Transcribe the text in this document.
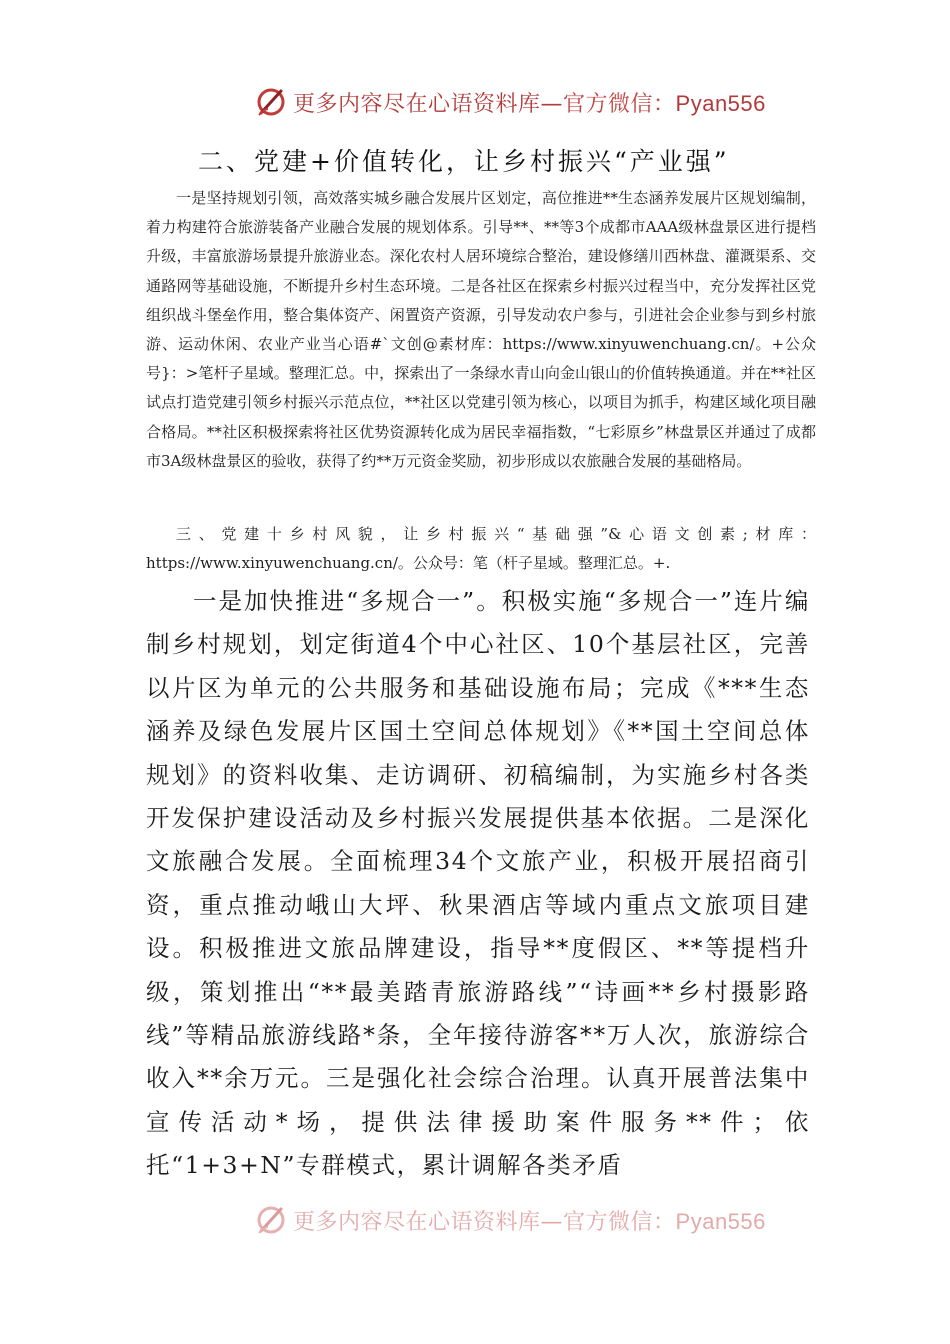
更多内容尽在心语资料库—官方微信：Pyan556
二、党建+价值转化，让乡村振兴“产业强”

一是坚持规划引领，高效落实城乡融合发展片区划定，高位推进**生态涵养发展片区规划编制，着力构建符合旅游装备产业融合发展的规划体系。引导**、**等3个成都市AAA级林盘景区进行提档升级，丰富旅游场景提升旅游业态。深化农村人居环境综合整治，建设修缮川西林盘、灌溉渠系、交通路网等基础设施，不断提升乡村生态环境。二是各社区在探索乡村振兴过程当中，充分发挥社区党组织战斗堡垒作用，整合集体资产、闲置资产资源，引导发动农户参与，引进社会企业参与到乡村旅游、运动休闲、农业产业当心语#`文创@素材库：https://www.xinyuwenchuang.cn/。+公众号}：>笔杆子星域。整理汇总。中，探索出了一条绿水青山向金山银山的价值转换通道。并在**社区试点打造党建引领乡村振兴示范点位，**社区以党建引领为核心，以项目为抓手，构建区域化项目融合格局。**社区积极探索将社区优势资源转化成为居民幸福指数，“七彩原乡”林盘景区并通过了成都市3A级林盘景区的验收，获得了约**万元资金奖励，初步形成以农旅融合发展的基础格局。

三、党建十乡村风貌，让乡村振兴“基础强”&心语文创素;材库：https://www.xinyuwenchuang.cn/。公众号：笔（杆子星域。整理汇总。+.

一是加快推进“多规合一”。积极实施“多规合一”连片编制乡村规划，划定街道4个中心社区、10个基层社区，完善以片区为单元的公共服务和基础设施布局；完成《***生态涵养及绿色发展片区国土空间总体规划》《**国土空间总体规划》的资料收集、走访调研、初稿编制，为实施乡村各类开发保护建设活动及乡村振兴发展提供基本依据。二是深化文旅融合发展。全面梳理34个文旅产业，积极开展招商引资，重点推动峨山大坪、秋果酒店等域内重点文旅项目建设。积极推进文旅品牌建设，指导**度假区、**等提档升级，策划推出“**最美踏青旅游路线”“诗画**乡村摄影路线”等精品旅游线路*条，全年接待游客**万人次，旅游综合收入**余万元。三是强化社会综合治理。认真开展普法集中宣传活动*场，提供法律援助案件服务**件；依托“1+3+N”专群模式，累计调解各类矛盾

更多内容尽在心语资料库—官方微信：Pyan556
